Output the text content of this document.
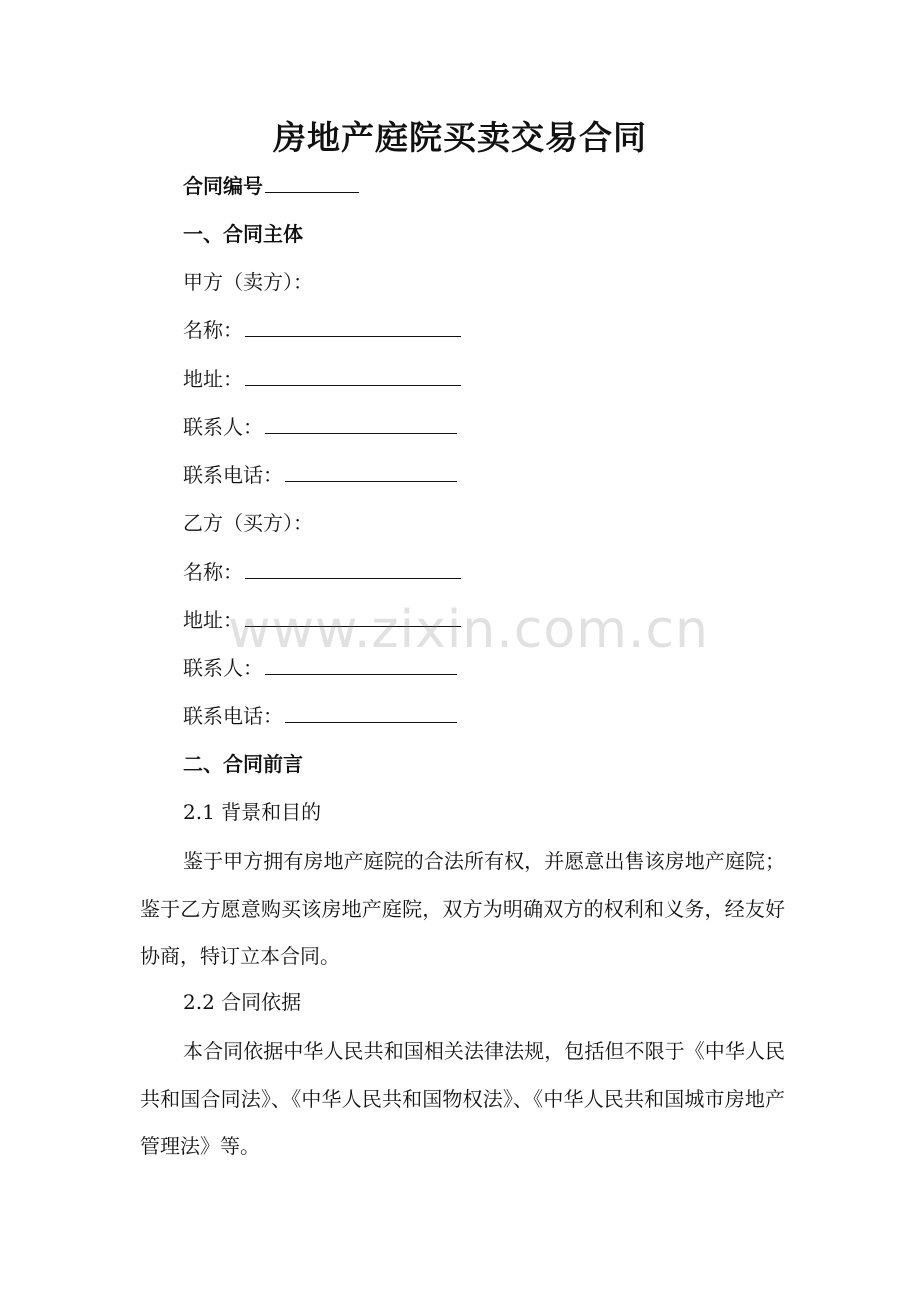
房地产庭院买卖交易合同
合同编号
一、合同主体
甲方（卖方）：
名称：
地址：
联系人：
联系电话：
乙方（买方）：
名称：
地址：
联系人：
联系电话：
二、合同前言
2.1 背景和目的
鉴于甲方拥有房地产庭院的合法所有权，并愿意出售该房地产庭院；鉴于乙方愿意购买该房地产庭院，双方为明确双方的权利和义务，经友好协商，特订立本合同。
2.2 合同依据
本合同依据中华人民共和国相关法律法规，包括但不限于《中华人民共和国合同法》、《中华人民共和国物权法》、《中华人民共和国城市房地产管理法》等。
www.zixin.com.cn
